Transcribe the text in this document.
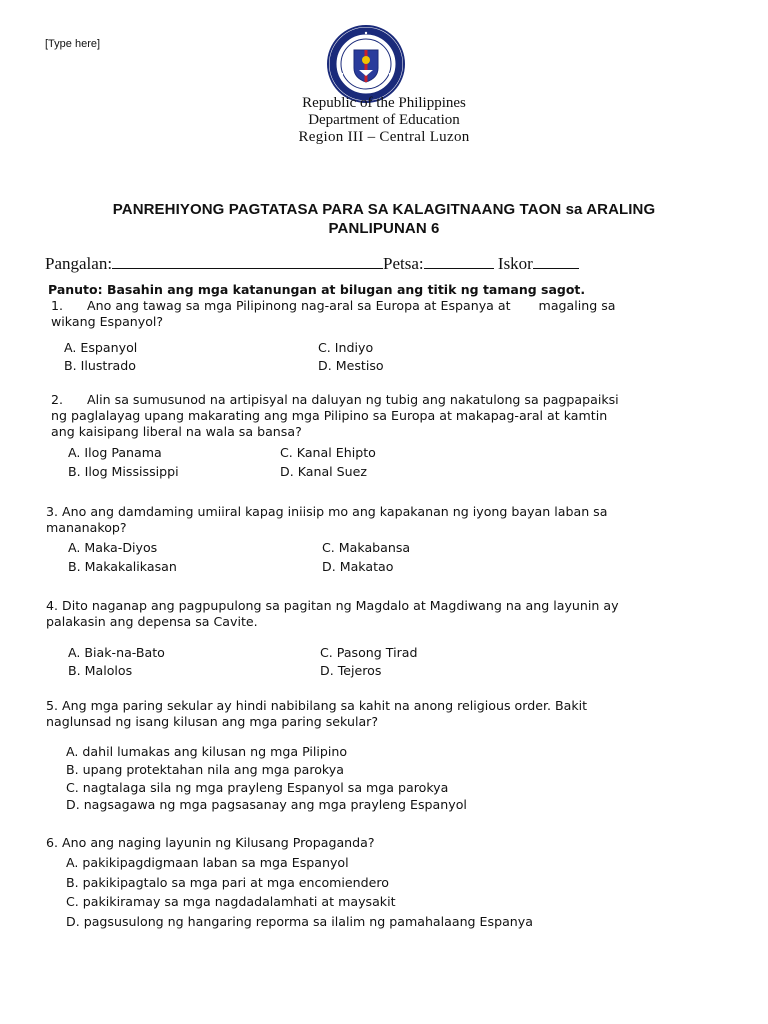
[Type here]
Republic of the Philippines
Department of Education
Region III – Central Luzon
PANREHIYONG PAGTATASA PARA SA KALAGITNAANG TAON sa ARALING
PANLIPUNAN 6
Pangalan:	Petsa:	Iskor
Panuto: Basahin ang mga katanungan at bilugan ang titik ng tamang sagot.

1.      Ano ang tawag sa mga Pilipinong nag-aral sa Europa at Espanya at       magaling sa

wikang Espanyol?

A. Espanyol
B. Ilustrado
C. Indiyo
D. Mestiso

2.      Alin sa sumusunod na artipisyal na daluyan ng tubig ang nakatulong sa pagpapaiksi

ng paglalayag upang makarating ang mga Pilipino sa Europa at makapag-aral at kamtin

ang kaisipang liberal na wala sa bansa?

A. Ilog Panama
B. Ilog Mississippi
C. Kanal Ehipto
D. Kanal Suez

3. Ano ang damdaming umiiral kapag iniisip mo ang kapakanan ng iyong bayan laban sa

mananakop?

A. Maka-Diyos
B. Makakalikasan
C. Makabansa
D. Makatao

4. Dito naganap ang pagpupulong sa pagitan ng Magdalo at Magdiwang na ang layunin ay

palakasin ang depensa sa Cavite.

A. Biak-na-Bato
B. Malolos
C. Pasong Tirad
D. Tejeros

5. Ang mga paring sekular ay hindi nabibilang sa kahit na anong religious order. Bakit

naglunsad ng isang kilusan ang mga paring sekular?

A. dahil lumakas ang kilusan ng mga Pilipino
B. upang protektahan nila ang mga parokya
C. nagtalaga sila ng mga prayleng Espanyol sa mga parokya
D. nagsagawa ng mga pagsasanay ang mga prayleng Espanyol

6. Ano ang naging layunin ng Kilusang Propaganda?

A. pakikipagdigmaan laban sa mga Espanyol
B. pakikipagtalo sa mga pari at mga encomiendero
C. pakikiramay sa mga nagdadalamhati at maysakit
D. pagsusulong ng hangaring reporma sa ilalim ng pamahalaang Espanya
